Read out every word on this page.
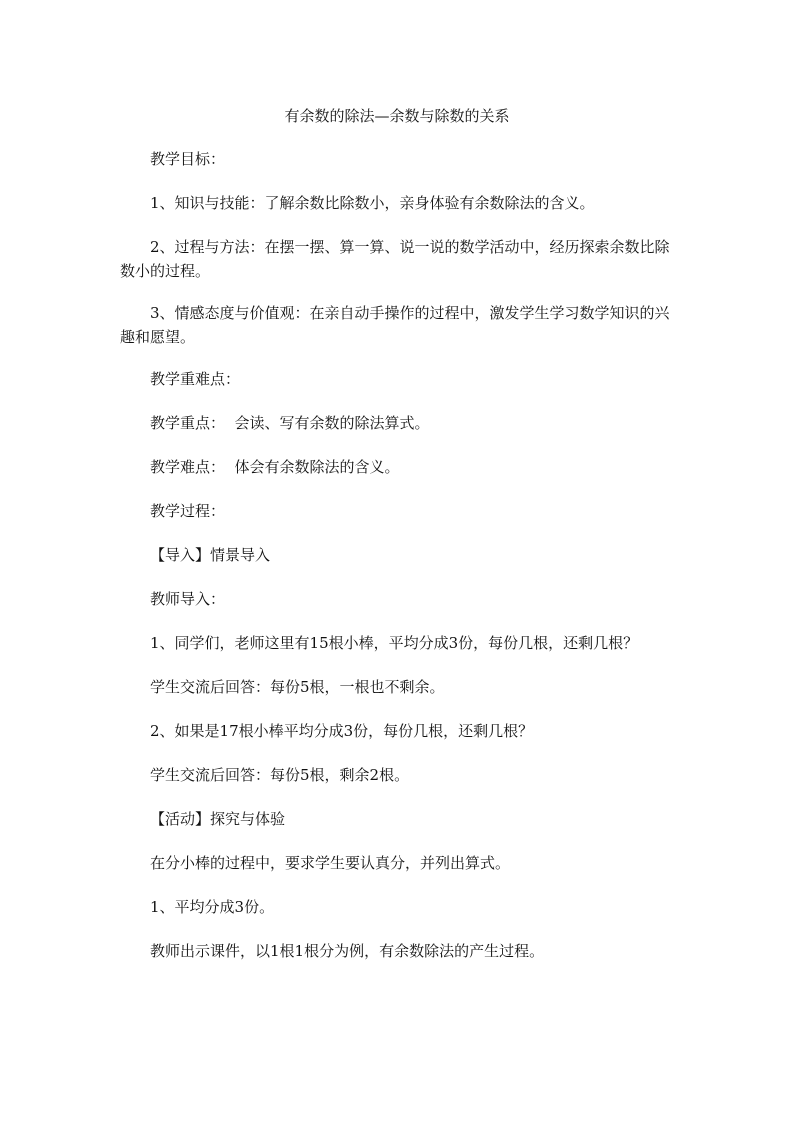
有余数的除法—余数与除数的关系

教学目标：

1、知识与技能：了解余数比除数小，亲身体验有余数除法的含义。

2、过程与方法：在摆一摆、算一算、说一说的数学活动中，经历探索余数比除数小的过程。

3、情感态度与价值观：在亲自动手操作的过程中，激发学生学习数学知识的兴趣和愿望。

教学重难点：

教学重点：  会读、写有余数的除法算式。

教学难点：  体会有余数除法的含义。

教学过程：

【导入】情景导入

教师导入：

1、同学们，老师这里有15根小棒，平均分成3份，每份几根，还剩几根？

学生交流后回答：每份5根，一根也不剩余。

2、如果是17根小棒平均分成3份，每份几根，还剩几根？

学生交流后回答：每份5根，剩余2根。

【活动】探究与体验

在分小棒的过程中，要求学生要认真分，并列出算式。

1、平均分成3份。

教师出示课件，以1根1根分为例，有余数除法的产生过程。
